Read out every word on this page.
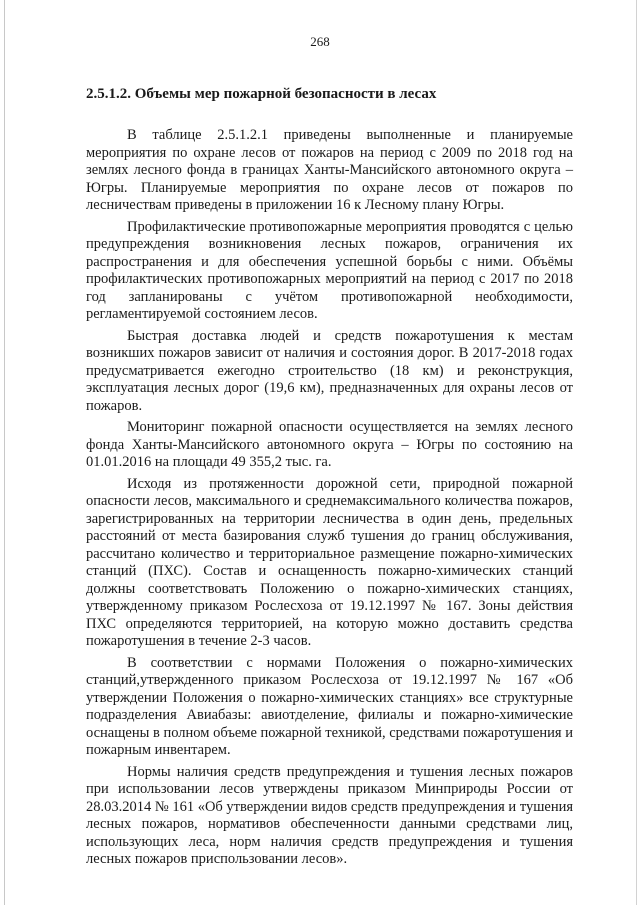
268
2.5.1.2. Объемы мер пожарной безопасности в лесах

В таблице 2.5.1.2.1 приведены выполненные и планируемые мероприятия по охране лесов от пожаров на период с 2009 по 2018 год на землях лесного фонда в границах Ханты-Мансийского автономного округа – Югры. Планируемые мероприятия по охране лесов от пожаров по лесничествам приведены в приложении 16 к Лесному плану Югры.

Профилактические противопожарные мероприятия проводятся с целью предупреждения возникновения лесных пожаров, ограничения их распространения и для обеспечения успешной борьбы с ними. Объёмы профилактических противопожарных мероприятий на период с 2017 по 2018 год запланированы с учётом противопожарной необходимости, регламентируемой состоянием лесов.

Быстрая доставка людей и средств пожаротушения к местам возникших пожаров зависит от наличия и состояния дорог. В 2017-2018 годах предусматривается ежегодно строительство (18 км) и реконструкция, эксплуатация лесных дорог (19,6 км), предназначенных для охраны лесов от пожаров.

Мониторинг пожарной опасности осуществляется на землях лесного фонда Ханты-Мансийского автономного округа – Югры по состоянию на 01.01.2016 на площади 49 355,2 тыс. га.

Исходя из протяженности дорожной сети, природной пожарной опасности лесов, максимального и среднемаксимального количества пожаров, зарегистрированных на территории лесничества в один день, предельных расстояний от места базирования служб тушения до границ обслуживания, рассчитано количество и территориальное размещение пожарно-химических станций (ПХС). Состав и оснащенность пожарно-химических станций должны соответствовать Положению о пожарно-химических станциях, утвержденному приказом Рослесхоза от 19.12.1997 № 167. Зоны действия ПХС определяются территорией, на которую можно доставить средства пожаротушения в течение 2-3 часов.

В соответствии с нормами Положения о пожарно-химических станций,утвержденного приказом Рослесхоза от 19.12.1997 № 167 «Об утверждении Положения о пожарно-химических станциях» все структурные подразделения Авиабазы: авиотделение, филиалы и пожарно-химические оснащены в полном объеме пожарной техникой, средствами пожаротушения и пожарным инвентарем.

Нормы наличия средств предупреждения и тушения лесных пожаров при использовании лесов утверждены приказом Минприроды России от 28.03.2014 № 161 «Об утверждении видов средств предупреждения и тушения лесных пожаров, нормативов обеспеченности данными средствами лиц, использующих леса, норм наличия средств предупреждения и тушения лесных пожаров приспользовании лесов».
